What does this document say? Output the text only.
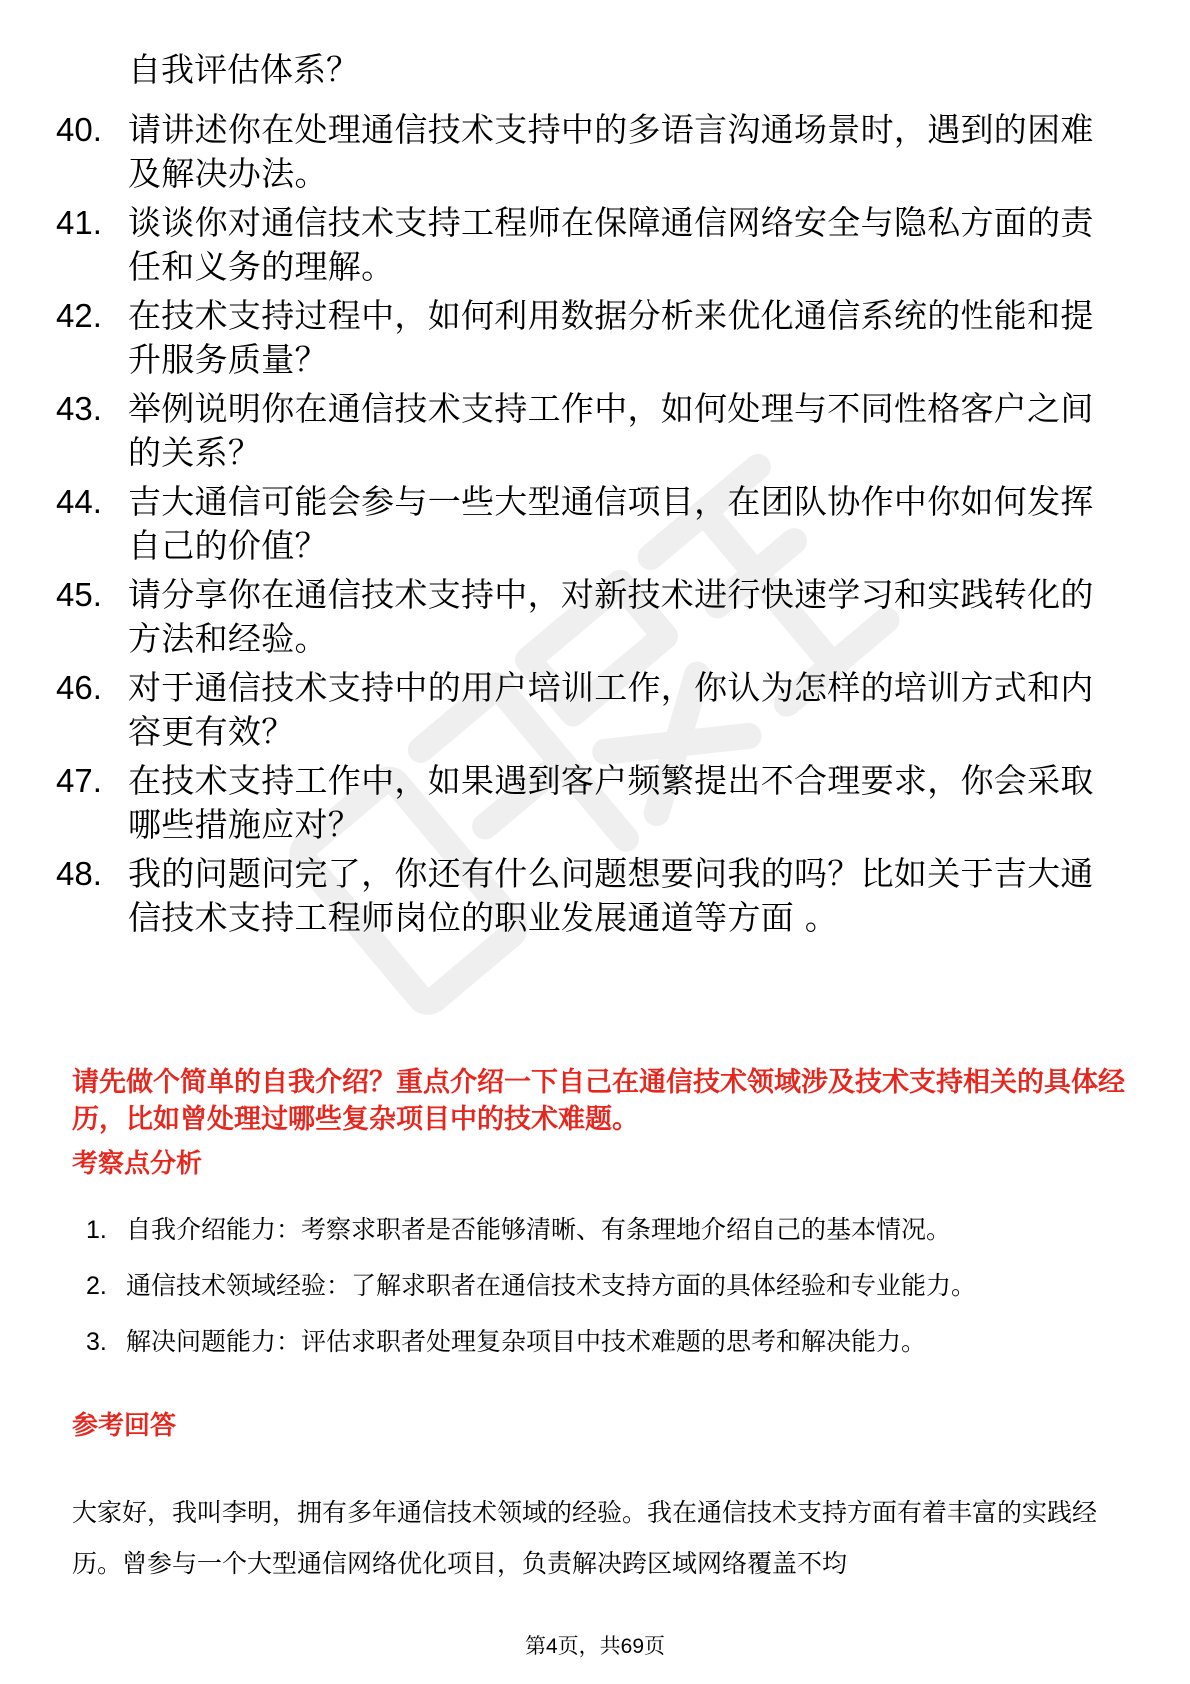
自我评估体系？
40. 请讲述你在处理通信技术支持中的多语言沟通场景时，遇到的困难及解决办法。
41. 谈谈你对通信技术支持工程师在保障通信网络安全与隐私方面的责任和义务的理解。
42. 在技术支持过程中，如何利用数据分析来优化通信系统的性能和提升服务质量？
43. 举例说明你在通信技术支持工作中，如何处理与不同性格客户之间的关系？
44. 吉大通信可能会参与一些大型通信项目，在团队协作中你如何发挥自己的价值？
45. 请分享你在通信技术支持中，对新技术进行快速学习和实践转化的方法和经验。
46. 对于通信技术支持中的用户培训工作，你认为怎样的培训方式和内容更有效？
47. 在技术支持工作中，如果遇到客户频繁提出不合理要求，你会采取哪些措施应对？
48. 我的问题问完了，你还有什么问题想要问我的吗？比如关于吉大通信技术支持工程师岗位的职业发展通道等方面 。
请先做个简单的自我介绍？重点介绍一下自己在通信技术领域涉及技术支持相关的具体经历，比如曾处理过哪些复杂项目中的技术难题。
考察点分析
1. 自我介绍能力：考察求职者是否能够清晰、有条理地介绍自己的基本情况。
2. 通信技术领域经验：了解求职者在通信技术支持方面的具体经验和专业能力。
3. 解决问题能力：评估求职者处理复杂项目中技术难题的思考和解决能力。
参考回答
大家好，我叫李明，拥有多年通信技术领域的经验。我在通信技术支持方面有着丰富的实践经历。曾参与一个大型通信网络优化项目，负责解决跨区域网络覆盖不均
第4页，共69页
